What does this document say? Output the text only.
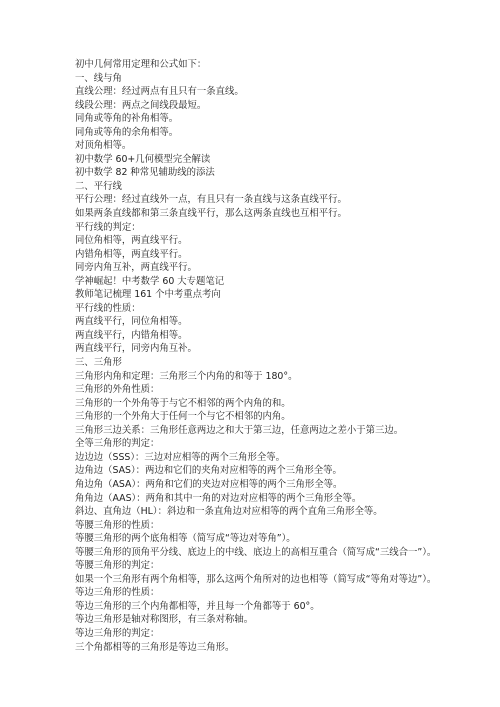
初中几何常用定理和公式如下：
一、线与角
直线公理：经过两点有且只有一条直线。
线段公理：两点之间线段最短。
同角或等角的补角相等。
同角或等角的余角相等。
对顶角相等。
初中数学 60+几何模型完全解读
初中数学 82 种常见辅助线的添法
二、平行线
平行公理：经过直线外一点，有且只有一条直线与这条直线平行。
如果两条直线都和第三条直线平行，那么这两条直线也互相平行。
平行线的判定：
同位角相等，两直线平行。
内错角相等，两直线平行。
同旁内角互补，两直线平行。
学神崛起！中考数学 60 大专题笔记
教师笔记梳理 161 个中考重点考向
平行线的性质：
两直线平行，同位角相等。
两直线平行，内错角相等。
两直线平行，同旁内角互补。
三、三角形
三角形内角和定理：三角形三个内角的和等于 180°。
三角形的外角性质：
三角形的一个外角等于与它不相邻的两个内角的和。
三角形的一个外角大于任何一个与它不相邻的内角。
三角形三边关系：三角形任意两边之和大于第三边，任意两边之差小于第三边。
全等三角形的判定：
边边边（SSS）：三边对应相等的两个三角形全等。
边角边（SAS）：两边和它们的夹角对应相等的两个三角形全等。
角边角（ASA）：两角和它们的夹边对应相等的两个三角形全等。
角角边（AAS）：两角和其中一角的对边对应相等的两个三角形全等。
斜边、直角边（HL）：斜边和一条直角边对应相等的两个直角三角形全等。
等腰三角形的性质：
等腰三角形的两个底角相等（简写成“等边对等角”）。
等腰三角形的顶角平分线、底边上的中线、底边上的高相互重合（简写成“三线合一”）。
等腰三角形的判定：
如果一个三角形有两个角相等，那么这两个角所对的边也相等（简写成“等角对等边”）。
等边三角形的性质：
等边三角形的三个内角都相等，并且每一个角都等于 60°。
等边三角形是轴对称图形，有三条对称轴。
等边三角形的判定：
三个角都相等的三角形是等边三角形。
